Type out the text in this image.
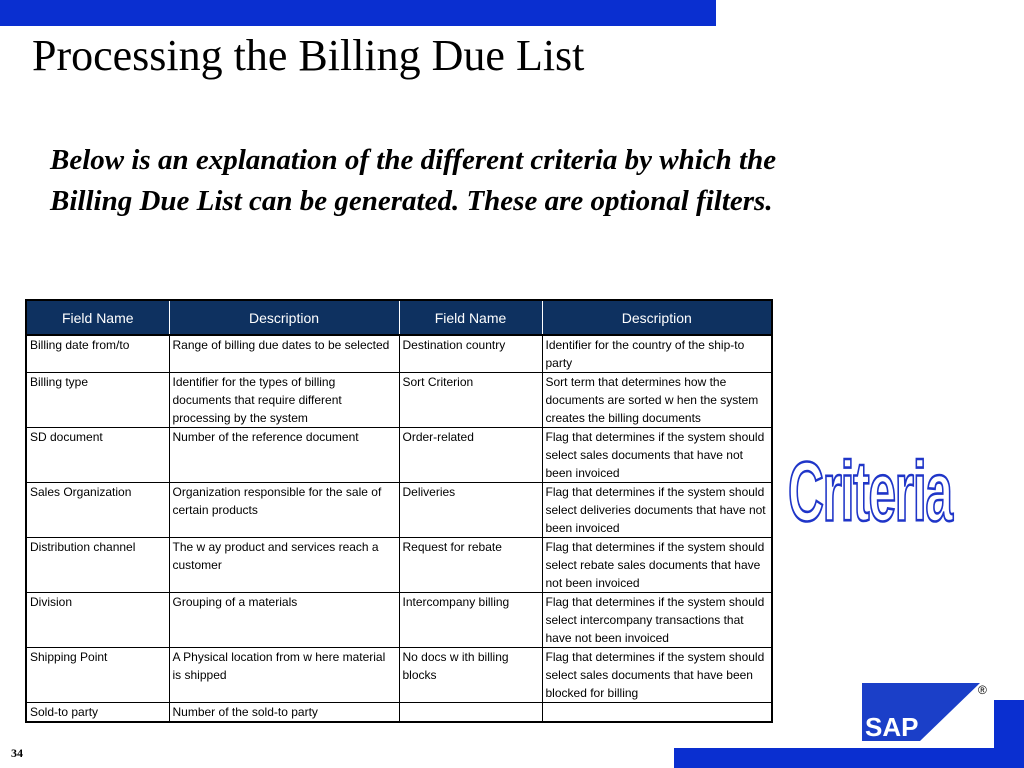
Processing the Billing Due List

Below is an explanation of the different criteria by which the
Billing Due List can be generated. These are optional filters.

Field Name	Description	Field Name	Description
Billing date from/to	Range of billing due dates to be selected	Destination country	Identifier for the country of the ship-to party
Billing type	Identifier for the types of billing documents that require different processing by the system	Sort Criterion	Sort term that determines how the documents are sorted w hen the system creates the billing documents
SD document	Number of the reference document	Order-related	Flag that determines if the system should select sales documents that have not been invoiced
Sales Organization	Organization responsible for the sale of certain products	Deliveries	Flag that determines if the system should select deliveries documents that have not been invoiced
Distribution channel	The w ay product and services reach a customer	Request for rebate	Flag that determines if the system should select rebate sales documents that have not been invoiced
Division	Grouping of a materials	Intercompany billing	Flag that determines if the system should select intercompany transactions that have not been invoiced
Shipping Point	A Physical location from w here material is shipped	No docs w ith billing blocks	Flag that determines if the system should select sales documents that have been blocked for billing
Sold-to party	Number of the sold-to party		
Criteria
SAP
®
34
